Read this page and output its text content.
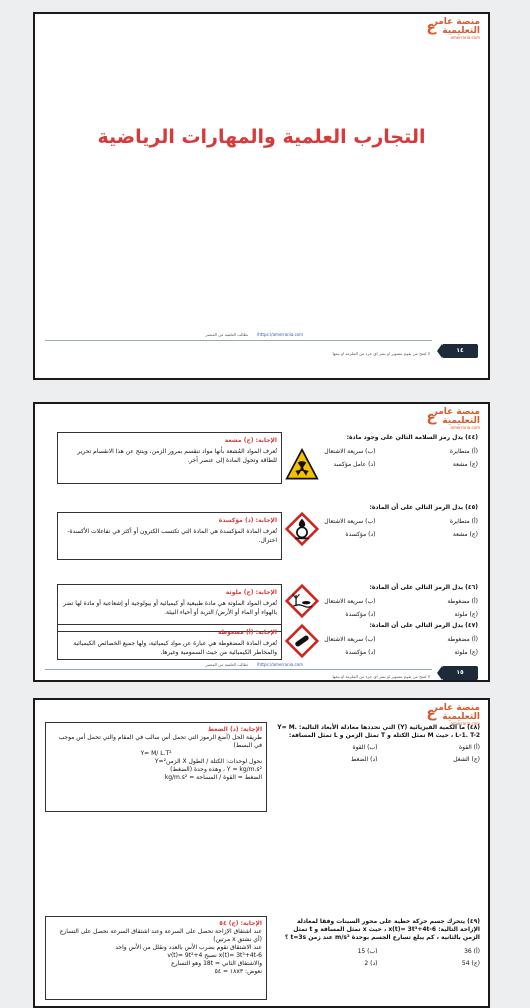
ع
منصة عامر
التعليمية
amerraria.com
التجارب العلمية والمهارات الرياضية
https://amerrania.com/
تطالب العلمية من المنصر
لا يُمنح من يقوم بتصوير او نشر اي جزء من الملزمة او بيعها	١٤
ع
منصة عامر
التعليمية
amerraria.com
(٤٤) يدل رمز السلامة التالي على وجود مادة:
(أ) متطايرة
(ب) سريعة الاشتعال
(ج) مشعة
(د) عامل مؤكسد
الإجابة: (ج) مشعة
تُعرف المواد المُشعة بأنها مواد تنقسم بمرور الزمن، وينتج عن هذا الانقسام تحرير للطاقة وتحول المادة إلى عنصر آخر.
(٤٥) يدل الرمز التالي على أن المادة:
(أ) متطايرة
(ب) سريعة الاشتعال
(ج) مشعة
(د) مؤكسدة
الإجابة: (د) مؤكسدة
تُعرف المادة المؤكسدة هي المادة التي تكتسب الكترون أو أكثر في تفاعلات الأكسدة-اختزال.
(٤٦) يدل الرمز التالي على أن المادة:
(أ) مضغوطة
(ب) سريعة الاشتعال
(ج) ملوثة
(د) مؤكسدة
الإجابة: (ج) ملوثة
تُعرف المواد الملوثة هي مادة طبيعية أو كيميائية أو بيولوجية أو إشعاعية أو مادة لها تضر بالهواء أو الماء أو الأرض/ التربة أو أحياء البيئة.
(٤٧) يدل الرمز التالي على أن المادة:
(أ) مضغوطة
(ب) سريعة الاشتعال
(ج) ملوثة
(د) مؤكسدة
الإجابة: (أ) مضغوطة
تُعرف المادة المضغوطة هي عبارة عن مواد كيميائية، ولها جميع الخصائص الكيميائية والمخاطر الكيميائية من حيث السمومية وغيرها.
https://amerrania.com/
تطالب العلمية من المنصر
لا يُمنح من يقوم بتصوير او نشر اي جزء من الملزمة او بيعها
١٥
ع
منصة عامر
التعليمية
amerraria.com
(٤٨) ما الكمية الفيزيائية (Y) التي تحددها معادلة الأبعاد التالية: Y= M. L-1. T-2 ، حيث M تمثل الكتلة و T تمثل الزمن و L تمثل المسافة:
(أ) القوة
(ب) القوة
(ج) الشغل
(د) الضغط
الإجابة: (د) الضغط
طريقة الحل (أضع الرموز التي تحمل أس سالب في المقام والتي تحمل أس موجب في البسط)
Y= M/ L.T²
نحول لوحدات: الكتلة / الطول X الزمن²=Y
Y = kg/m.s² ، وهذه وحدة (الضغط)
الضغط = القوة / المساحة = kg/m.s²
(٤٩) يتحرك جسم حركة خطية على محور السينات وفقا لمعادلة الإزاحة التالية: x(t)= 3t³+4t-6 ، حيث x تمثل المسافة و t تمثل الزمن بالثانية ، كم يبلغ تسارع الجسم بوحدة m/s² عند زمن t=3s ؟
(أ) 36
(ب) 15
(ج) 54
(د) 2
الإجابة: (ج) ٥٤
عند اشتقاق الإزاحة نحصل على السرعة وعند اشتقاق السرعة نحصل على التسارع (أي نشتق x مرتين)
عند الاشتقاق نقوم بضرب الأس بالعدد ونقلل من الأس واحد
x(t)= 3t³+4t-6 نصبح v(t)= 9t²+4
والاشتقاق الثاني = 18t وهو التسارع
نعوض: ١٨x٣ = ٥٤
